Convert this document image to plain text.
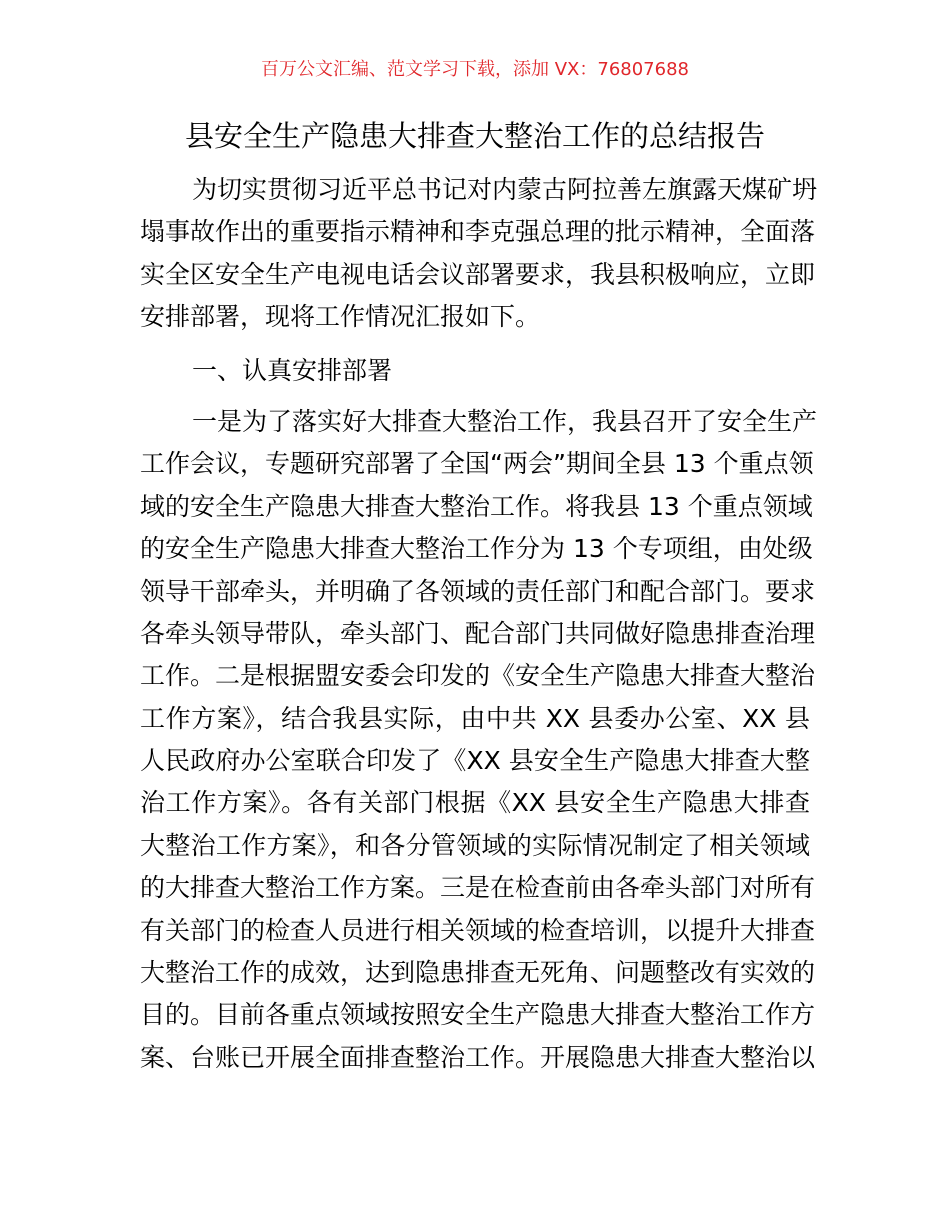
百万公文汇编、范文学习下载，添加 VX：76807688
县安全生产隐患大排查大整治工作的总结报告
为切实贯彻习近平总书记对内蒙古阿拉善左旗露天煤矿坍
塌事故作出的重要指示精神和李克强总理的批示精神，全面落
实全区安全生产电视电话会议部署要求，我县积极响应，立即
安排部署，现将工作情况汇报如下。
一、认真安排部署
一是为了落实好大排查大整治工作，我县召开了安全生产
工作会议，专题研究部署了全国“两会”期间全县 13 个重点领
域的安全生产隐患大排查大整治工作。将我县 13 个重点领域
的安全生产隐患大排查大整治工作分为 13 个专项组，由处级
领导干部牵头，并明确了各领域的责任部门和配合部门。要求
各牵头领导带队，牵头部门、配合部门共同做好隐患排查治理
工作。二是根据盟安委会印发的《安全生产隐患大排查大整治
工作方案》，结合我县实际，由中共 XX 县委办公室、XX 县
人民政府办公室联合印发了《XX 县安全生产隐患大排查大整
治工作方案》。各有关部门根据《XX 县安全生产隐患大排查
大整治工作方案》，和各分管领域的实际情况制定了相关领域
的大排查大整治工作方案。三是在检查前由各牵头部门对所有
有关部门的检查人员进行相关领域的检查培训，以提升大排查
大整治工作的成效，达到隐患排查无死角、问题整改有实效的
目的。目前各重点领域按照安全生产隐患大排查大整治工作方
案、台账已开展全面排查整治工作。开展隐患大排查大整治以
